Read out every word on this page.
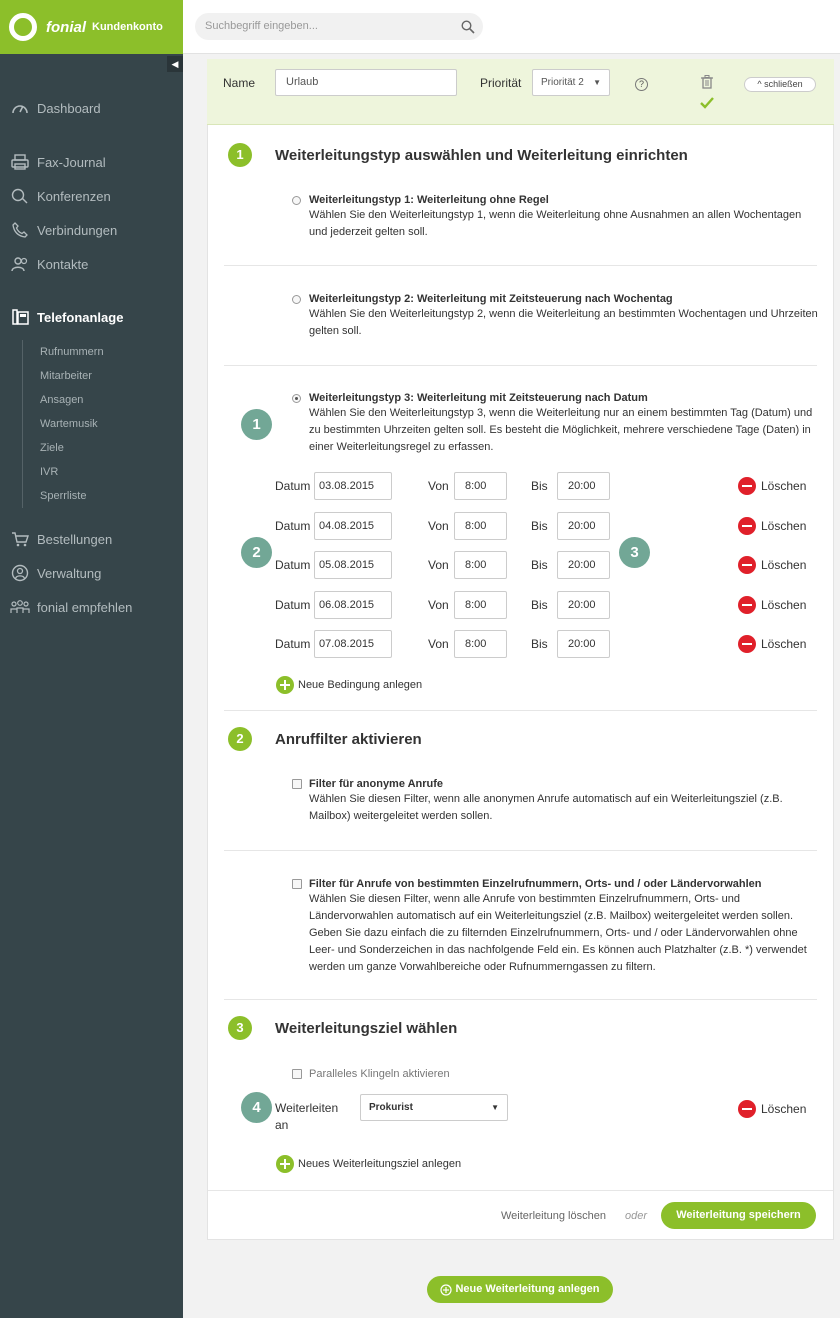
fonial Kundenkonto
◀
Dashboard
Fax-Journal
Konferenzen
Verbindungen
Kontakte
Telefonanlage
Rufnummern
Mitarbeiter
Ansagen
Wartemusik
Ziele
IVR
Sperrliste
Bestellungen
Verwaltung
fonial empfehlen
Suchbegriff eingeben...
Name	Urlaub	Priorität	Priorität 2 ▼	?	^ schließen
1	Weiterleitungstyp auswählen und Weiterleitung einrichten
Weiterleitungstyp 1: Weiterleitung ohne Regel
Wählen Sie den Weiterleitungstyp 1, wenn die Weiterleitung ohne Ausnahmen an allen Wochentagen und jederzeit gelten soll.
Weiterleitungstyp 2: Weiterleitung mit Zeitsteuerung nach Wochentag
Wählen Sie den Weiterleitungstyp 2, wenn die Weiterleitung an bestimmten Wochentagen und Uhrzeiten gelten soll.
Weiterleitungstyp 3: Weiterleitung mit Zeitsteuerung nach Datum
Wählen Sie den Weiterleitungstyp 3, wenn die Weiterleitung nur an einem bestimmten Tag (Datum) und zu bestimmten Uhrzeiten gelten soll. Es besteht die Möglichkeit, mehrere verschiedene Tage (Daten) in einer Weiterleitungsregel zu erfassen.
1
2	3
Datum 03.08.2015	Von	8:00	Bis	20:00	Löschen
Datum 04.08.2015	Von	8:00	Bis	20:00	Löschen
Datum 05.08.2015	Von	8:00	Bis	20:00	Löschen
Datum 06.08.2015	Von	8:00	Bis	20:00	Löschen
Datum 07.08.2015	Von	8:00	Bis	20:00	Löschen
Neue Bedingung anlegen
2	Anruffilter aktivieren
Filter für anonyme Anrufe
Wählen Sie diesen Filter, wenn alle anonymen Anrufe automatisch auf ein Weiterleitungsziel (z.B. Mailbox) weitergeleitet werden sollen.
Filter für Anrufe von bestimmten Einzelrufnummern, Orts- und / oder Ländervorwahlen
Wählen Sie diesen Filter, wenn alle Anrufe von bestimmten Einzelrufnummern, Orts- und Ländervorwahlen automatisch auf ein Weiterleitungsziel (z.B. Mailbox) weitergeleitet werden sollen. Geben Sie dazu einfach die zu filternden Einzelrufnummern, Orts- und / oder Ländervorwahlen ohne Leer- und Sonderzeichen in das nachfolgende Feld ein. Es können auch Platzhalter (z.B. *) verwendet werden um ganze Vorwahlbereiche oder Rufnummerngassen zu filtern.
3	Weiterleitungsziel wählen
Paralleles Klingeln aktivieren
4	Weiterleiten an
Prokurist	▼	Löschen
Neues Weiterleitungsziel anlegen
Weiterleitung löschen oder	Weiterleitung speichern
Neue Weiterleitung anlegen
